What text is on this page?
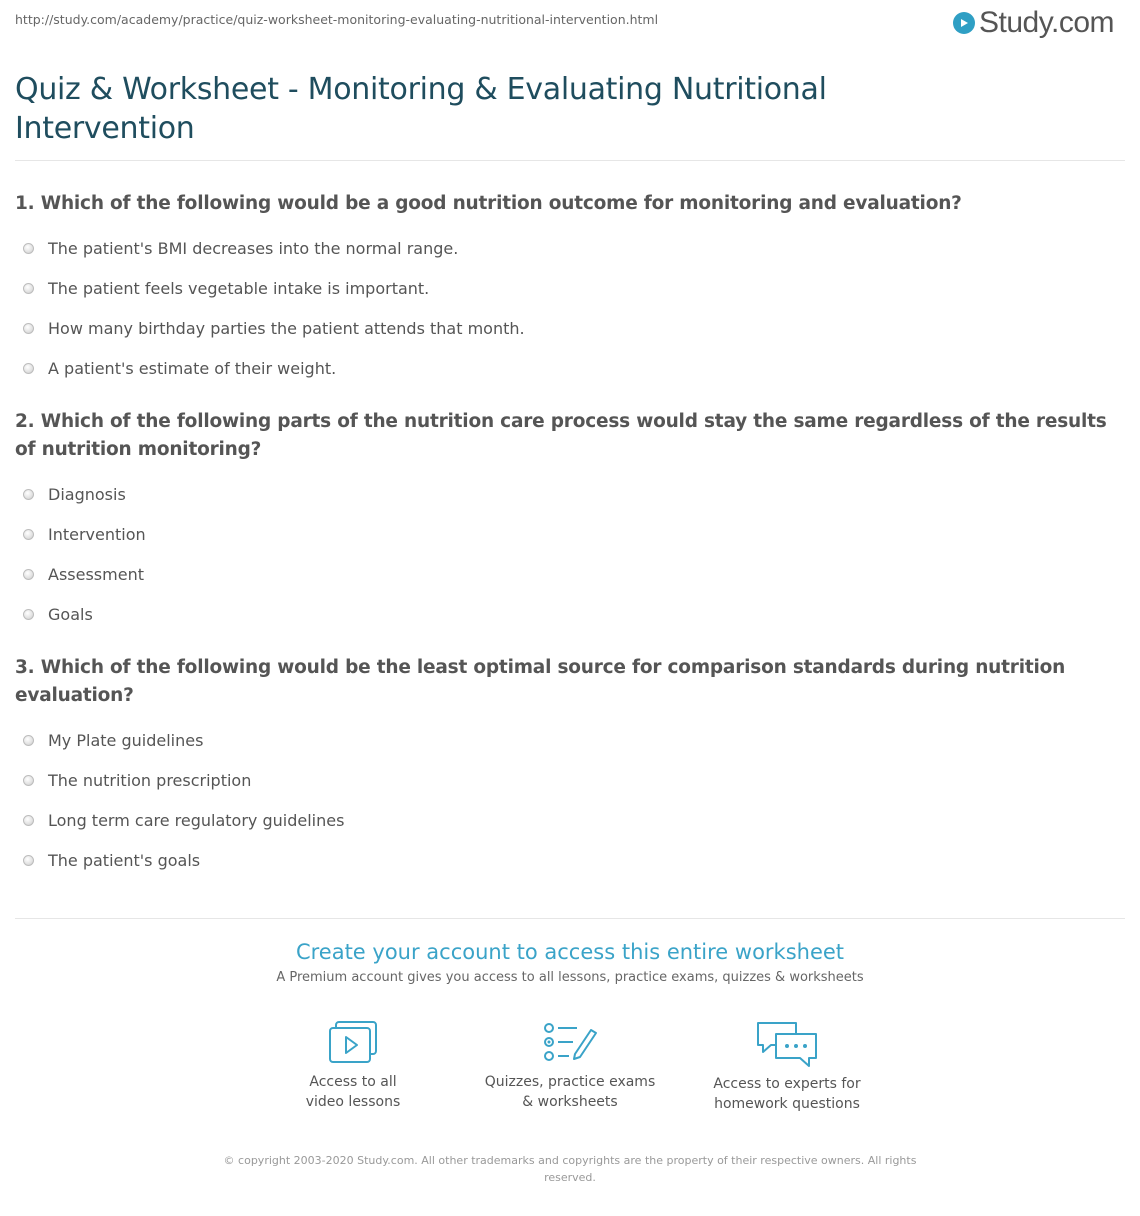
http://study.com/academy/practice/quiz-worksheet-monitoring-evaluating-nutritional-intervention.html	Study.com
Quiz & Worksheet - Monitoring & Evaluating Nutritional Intervention

1. Which of the following would be a good nutrition outcome for monitoring and evaluation?

The patient's BMI decreases into the normal range.
The patient feels vegetable intake is important.
How many birthday parties the patient attends that month.
A patient's estimate of their weight.

2. Which of the following parts of the nutrition care process would stay the same regardless of the results of nutrition monitoring?

Diagnosis
Intervention
Assessment
Goals

3. Which of the following would be the least optimal source for comparison standards during nutrition evaluation?

My Plate guidelines
The nutrition prescription
Long term care regulatory guidelines
The patient's goals

Create your account to access this entire worksheet

A Premium account gives you access to all lessons, practice exams, quizzes & worksheets
Access to all
video lessons
Quizzes, practice exams
& worksheets
Access to experts for
homework questions
© copyright 2003-2020 Study.com. All other trademarks and copyrights are the property of their respective owners. All rights reserved.
